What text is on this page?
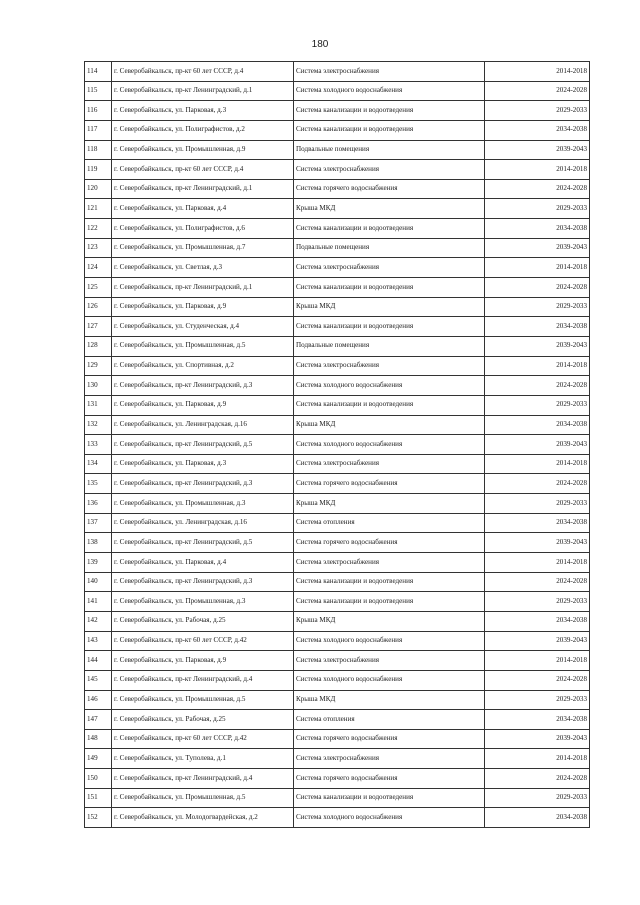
180
114	г. Северобайкальск, пр-кт 60 лет СССР, д.4	Система электроснабжения	2014-2018
115	г. Северобайкальск, пр-кт Ленинградский, д.1	Система холодного водоснабжения	2024-2028
116	г. Северобайкальск, ул. Парковая, д.3	Система канализации и водоотведения	2029-2033
117	г. Северобайкальск, ул. Полиграфистов, д.2	Система канализации и водоотведения	2034-2038
118	г. Северобайкальск, ул. Промышленная, д.9	Подвальные помещения	2039-2043
119	г. Северобайкальск, пр-кт 60 лет СССР, д.4	Система электроснабжения	2014-2018
120	г. Северобайкальск, пр-кт Ленинградский, д.1	Система горячего водоснабжения	2024-2028
121	г. Северобайкальск, ул. Парковая, д.4	Крыша МКД	2029-2033
122	г. Северобайкальск, ул. Полиграфистов, д.6	Система канализации и водоотведения	2034-2038
123	г. Северобайкальск, ул. Промышленная, д.7	Подвальные помещения	2039-2043
124	г. Северобайкальск, ул. Светлая, д.3	Система электроснабжения	2014-2018
125	г. Северобайкальск, пр-кт Ленинградский, д.1	Система канализации и водоотведения	2024-2028
126	г. Северобайкальск, ул. Парковая, д.9	Крыша МКД	2029-2033
127	г. Северобайкальск, ул. Студенческая, д.4	Система канализации и водоотведения	2034-2038
128	г. Северобайкальск, ул. Промышленная, д.5	Подвальные помещения	2039-2043
129	г. Северобайкальск, ул. Спортивная, д.2	Система электроснабжения	2014-2018
130	г. Северобайкальск, пр-кт Ленинградский, д.3	Система холодного водоснабжения	2024-2028
131	г. Северобайкальск, ул. Парковая, д.9	Система канализации и водоотведения	2029-2033
132	г. Северобайкальск, ул. Ленинградская, д.16	Крыша МКД	2034-2038
133	г. Северобайкальск, пр-кт Ленинградский, д.5	Система холодного водоснабжения	2039-2043
134	г. Северобайкальск, ул. Парковая, д.3	Система электроснабжения	2014-2018
135	г. Северобайкальск, пр-кт Ленинградский, д.3	Система горячего водоснабжения	2024-2028
136	г. Северобайкальск, ул. Промышленная, д.3	Крыша МКД	2029-2033
137	г. Северобайкальск, ул. Ленинградская, д.16	Система отопления	2034-2038
138	г. Северобайкальск, пр-кт Ленинградский, д.5	Система горячего водоснабжения	2039-2043
139	г. Северобайкальск, ул. Парковая, д.4	Система электроснабжения	2014-2018
140	г. Северобайкальск, пр-кт Ленинградский, д.3	Система канализации и водоотведения	2024-2028
141	г. Северобайкальск, ул. Промышленная, д.3	Система канализации и водоотведения	2029-2033
142	г. Северобайкальск, ул. Рабочая, д.25	Крыша МКД	2034-2038
143	г. Северобайкальск, пр-кт 60 лет СССР, д.42	Система холодного водоснабжения	2039-2043
144	г. Северобайкальск, ул. Парковая, д.9	Система электроснабжения	2014-2018
145	г. Северобайкальск, пр-кт Ленинградский, д.4	Система холодного водоснабжения	2024-2028
146	г. Северобайкальск, ул. Промышленная, д.5	Крыша МКД	2029-2033
147	г. Северобайкальск, ул. Рабочая, д.25	Система отопления	2034-2038
148	г. Северобайкальск, пр-кт 60 лет СССР, д.42	Система горячего водоснабжения	2039-2043
149	г. Северобайкальск, ул. Туполева, д.1	Система электроснабжения	2014-2018
150	г. Северобайкальск, пр-кт Ленинградский, д.4	Система горячего водоснабжения	2024-2028
151	г. Северобайкальск, ул. Промышленная, д.5	Система канализации и водоотведения	2029-2033
152	г. Северобайкальск, ул. Молодогвардейская, д.2	Система холодного водоснабжения	2034-2038
